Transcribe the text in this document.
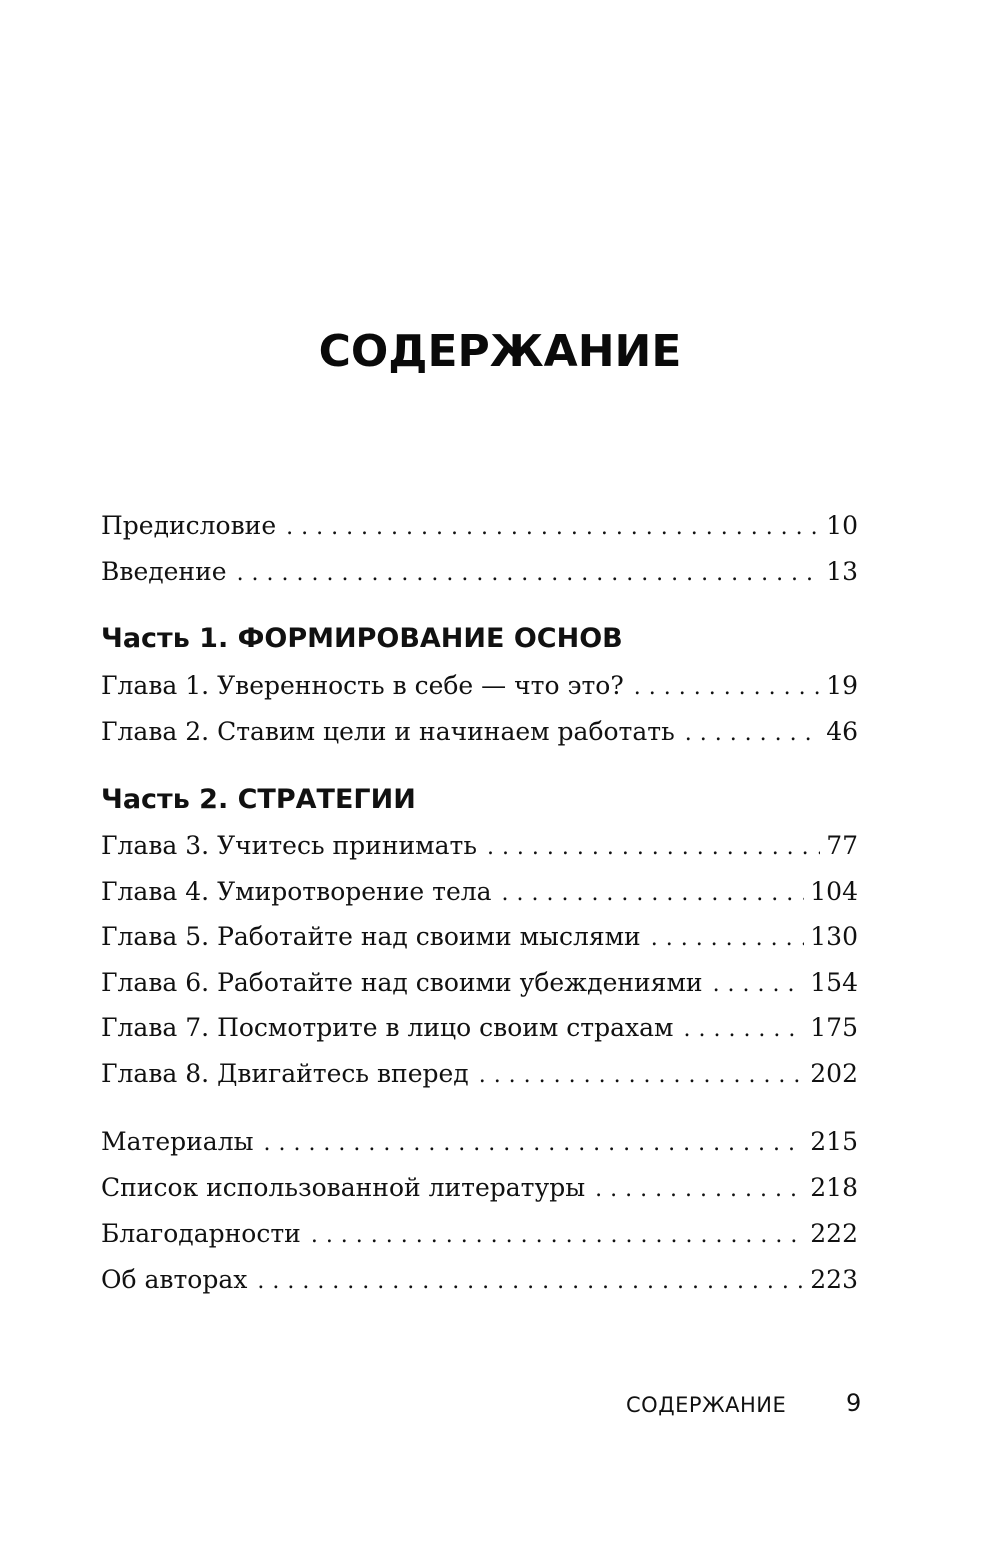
СОДЕРЖАНИЕ
Предисловие . . .	10
Введение . . .	13
Часть 1. ФОРМИРОВАНИЕ ОСНОВ
Глава 1. Уверенность в себе — что это? . . .	19
Глава 2. Ставим цели и начинаем работать . . .	46
Часть 2. СТРАТЕГИИ
Глава 3. Учитесь принимать . . .	77
Глава 4. Умиротворение тела . . .	104
Глава 5. Работайте над своими мыслями . . .	130
Глава 6. Работайте над своими убеждениями . . .	154
Глава 7. Посмотрите в лицо своим страхам . . .	175
Глава 8. Двигайтесь вперед . . .	202
Материалы . . .	215
Список использованной литературы . . .	218
Благодарности . . .	222
Об авторах . . .	223
СОДЕРЖАНИЕ 9
